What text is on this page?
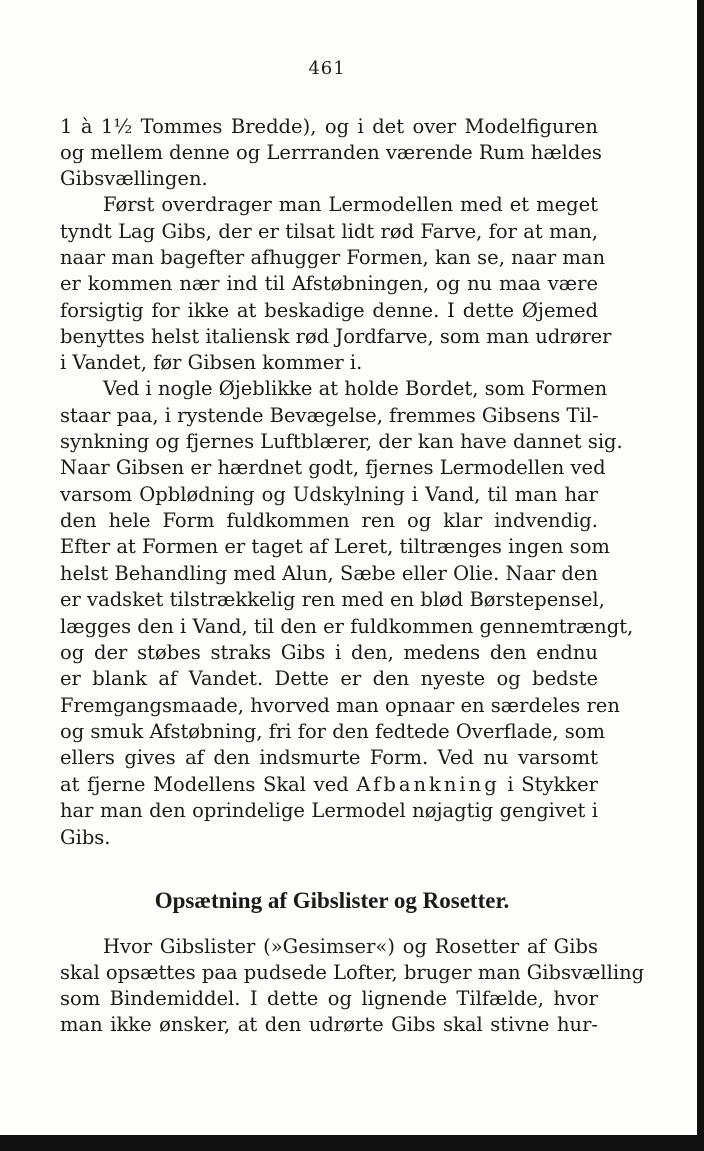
461
1 à 1½ Tommes Bredde), og i det over Modelfiguren
og mellem denne og Lerrranden værende Rum hældes
Gibsvællingen.
Først overdrager man Lermodellen med et meget
tyndt Lag Gibs, der er tilsat lidt rød Farve, for at man,
naar man bagefter afhugger Formen, kan se, naar man
er kommen nær ind til Afstøbningen, og nu maa være
forsigtig for ikke at beskadige denne. I dette Øjemed
benyttes helst italiensk rød Jordfarve, som man udrører
i Vandet, før Gibsen kommer i.
Ved i nogle Øjeblikke at holde Bordet, som Formen
staar paa, i rystende Bevægelse, fremmes Gibsens Til-
synkning og fjernes Luftblærer, der kan have dannet sig.
Naar Gibsen er hærdnet godt, fjernes Lermodellen ved
varsom Opblødning og Udskylning i Vand, til man har
den hele Form fuldkommen ren og klar indvendig.
Efter at Formen er taget af Leret, tiltrænges ingen som
helst Behandling med Alun, Sæbe eller Olie. Naar den
er vadsket tilstrækkelig ren med en blød Børstepensel,
lægges den i Vand, til den er fuldkommen gennemtrængt,
og der støbes straks Gibs i den, medens den endnu
er blank af Vandet. Dette er den nyeste og bedste
Fremgangsmaade, hvorved man opnaar en særdeles ren
og smuk Afstøbning, fri for den fedtede Overflade, som
ellers gives af den indsmurte Form. Ved nu varsomt
at fjerne Modellens Skal ved Afbankning i Stykker
har man den oprindelige Lermodel nøjagtig gengivet i
Gibs.
Opsætning af Gibslister og Rosetter.
Hvor Gibslister (»Gesimser«) og Rosetter af Gibs
skal opsættes paa pudsede Lofter, bruger man Gibsvælling
som Bindemiddel. I dette og lignende Tilfælde, hvor
man ikke ønsker, at den udrørte Gibs skal stivne hur-
